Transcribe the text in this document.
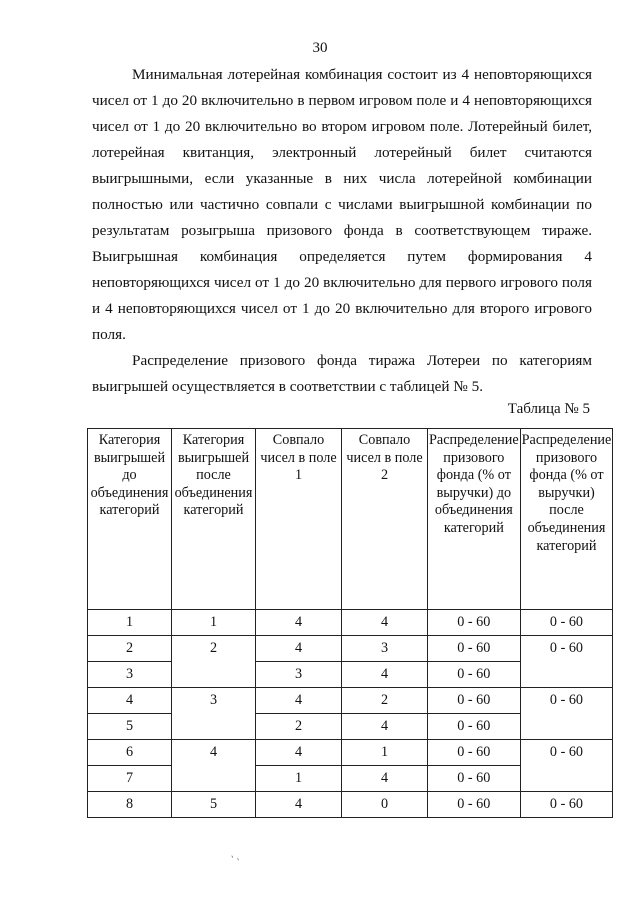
30

Минимальная лотерейная комбинация состоит из 4 неповторяющихся чисел от 1 до 20 включительно в первом игровом поле и 4 неповторяющихся чисел от 1 до 20 включительно во втором игровом поле. Лотерейный билет, лотерейная квитанция, электронный лотерейный билет считаются выигрышными, если указанные в них числа лотерейной комбинации полностью или частично совпали с числами выигрышной комбинации по результатам розыгрыша призового фонда в соответствующем тираже. Выигрышная комбинация определяется путем формирования 4 неповторяющихся чисел от 1 до 20 включительно для первого игрового поля и 4 неповторяющихся чисел от 1 до 20 включительно для второго игрового поля.

Распределение призового фонда тиража Лотереи по категориям выигрышей осуществляется в соответствии с таблицей № 5.

Таблица № 5
Категория выигрышей до объединения категорий	Категория выигрышей после объединения категорий	Совпало чисел в поле 1	Совпало чисел в поле 2	Распределение призового фонда (% от выручки) до объединения категорий	Распределение призового фонда (% от выручки) после объединения категорий
1	1	4	4	0 - 60	0 - 60
2	2	4	3	0 - 60	0 - 60
3		3	4	0 - 60	
4	3	4	2	0 - 60	0 - 60
5		2	4	0 - 60	
6	4	4	1	0 - 60	0 - 60
7		1	4	0 - 60	
8	5	4	0	0 - 60	0 - 60
ˎ ˏ
